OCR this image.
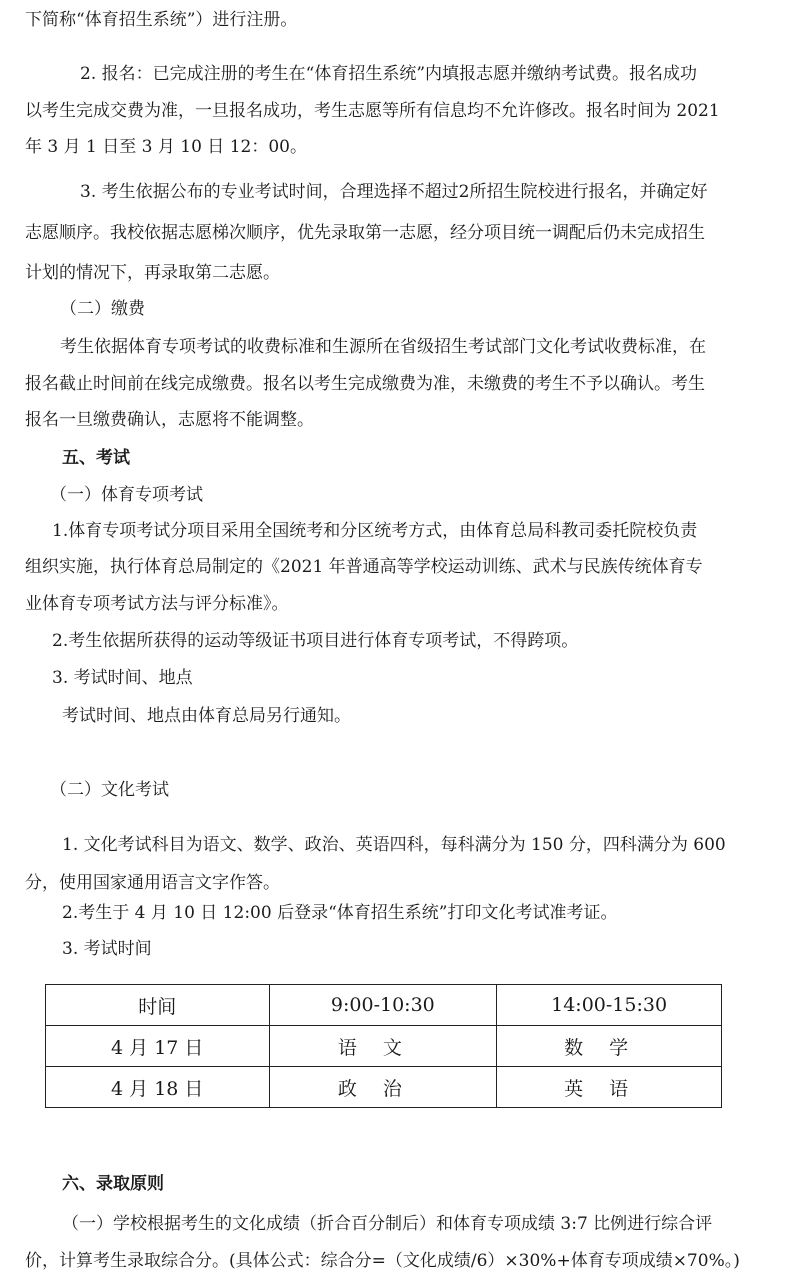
下简称“体育招生系统”）进行注册。

2. 报名：已完成注册的考生在“体育招生系统”内填报志愿并缴纳考试费。报名成功

以考生完成交费为准，一旦报名成功，考生志愿等所有信息均不允许修改。报名时间为 2021

年 3 月 1 日至 3 月 10 日 12：00。

3. 考生依据公布的专业考试时间，合理选择不超过2所招生院校进行报名，并确定好

志愿顺序。我校依据志愿梯次顺序，优先录取第一志愿，经分项目统一调配后仍未完成招生

计划的情况下，再录取第二志愿。

（二）缴费

考生依据体育专项考试的收费标准和生源所在省级招生考试部门文化考试收费标准，在

报名截止时间前在线完成缴费。报名以考生完成缴费为准，未缴费的考生不予以确认。考生

报名一旦缴费确认，志愿将不能调整。

五、考试

（一）体育专项考试

1.体育专项考试分项目采用全国统考和分区统考方式，由体育总局科教司委托院校负责

组织实施，执行体育总局制定的《2021 年普通高等学校运动训练、武术与民族传统体育专

业体育专项考试方法与评分标准》。

2.考生依据所获得的运动等级证书项目进行体育专项考试，不得跨项。

3. 考试时间、地点

考试时间、地点由体育总局另行通知。

（二）文化考试

1. 文化考试科目为语文、数学、政治、英语四科，每科满分为 150 分，四科满分为 600

分，使用国家通用语言文字作答。

2.考生于 4 月 10 日 12:00 后登录“体育招生系统”打印文化考试准考证。

3. 考试时间

时间	9:00-10:30	14:00-15:30
4 月 17 日	语文	数学
4 月 18 日	政治	英语

六、录取原则

（一）学校根据考生的文化成绩（折合百分制后）和体育专项成绩 3:7 比例进行综合评

价，计算考生录取综合分。(具体公式：综合分=（文化成绩/6）×30%+体育专项成绩×70%。)
